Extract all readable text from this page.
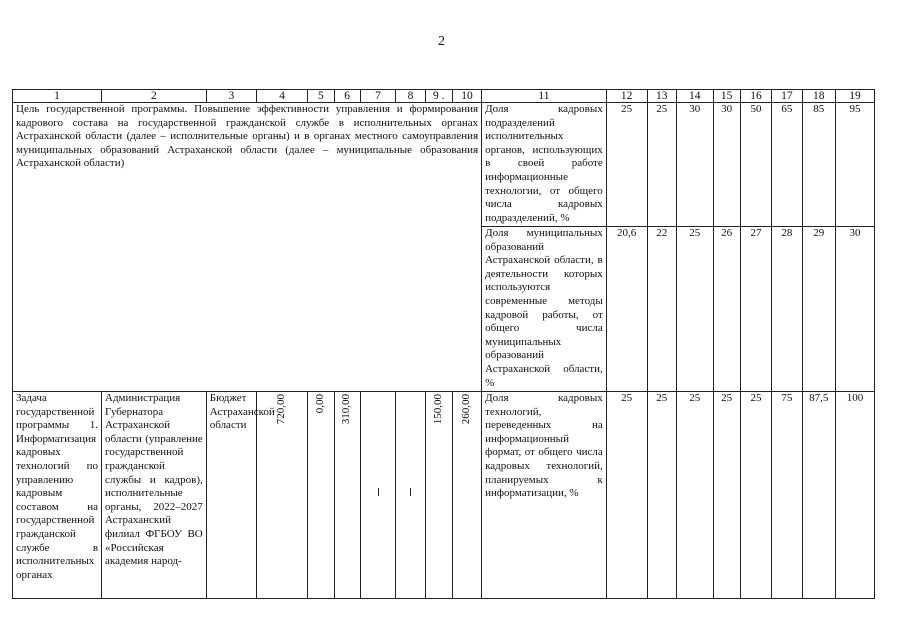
2
1	2	3	4	5	6	7	8	9 .	10	11	12	13	14	15	16	17	18	19
Цель государственной программы. Повышение эффективности управления и формирования кадрового состава на государственной гражданской службе в исполнительных органах Астраханской области (далее – исполнительные органы) и в органах местного самоуправления муниципальных образований Астраханской области (далее – муниципальные образования Астраханской области)										Доля кадровых подразделений исполнительных органов, использующих в своей работе информационные технологии, от общего числа кадровых подразделений, %	25	25	30	30	50	65	85	95
										Доля муниципальных образований Астраханской области, в деятельности которых используются современные методы кадровой работы, от общего числа муниципальных образований Астраханской области, %	20,6	22	25	26	27	28	29	30
Задача государственной программы 1. Информатизация кадровых технологий по управлению кадровым составом на государственной гражданской службе в исполнительных органах	Администрация Губернатора Астраханской области (управление государственной гражданской службы и кадров), исполнительные органы, 2022–2027 Астраханский филиал ФГБОУ ВО «Российская академия народ-	Бюджет Астраханской области	720,00	0,00	310,00			150,00	260,00	Доля кадровых технологий, переведенных на информационный формат, от общего числа кадровых технологий, планируемых к информатизации, %	25	25	25	25	25	75	87,5	100
